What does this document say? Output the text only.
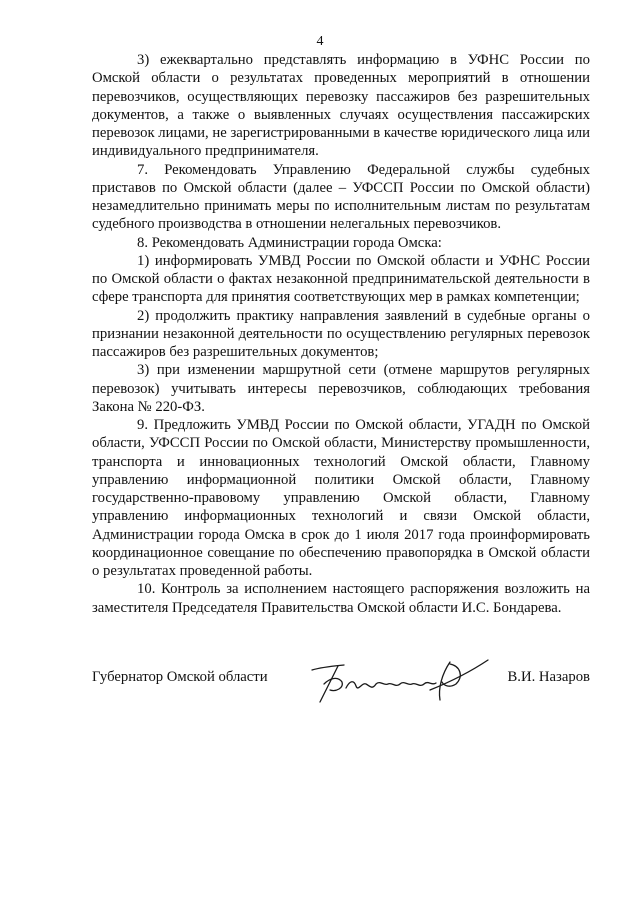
4

3) ежеквартально представлять информацию в УФНС России по Омской области о результатах проведенных мероприятий в отношении перевозчиков, осуществляющих перевозку пассажиров без разрешительных документов, а также о выявленных случаях осуществления пассажирских перевозок лицами, не зарегистрированными в качестве юридического лица или индивидуального предпринимателя.

7. Рекомендовать Управлению Федеральной службы судебных приставов по Омской области (далее – УФССП России по Омской области) незамедлительно принимать меры по исполнительным листам по результатам судебного производства в отношении нелегальных перевозчиков.

8. Рекомендовать Администрации города Омска:

1) информировать УМВД России по Омской области и УФНС России по Омской области о фактах незаконной предпринимательской деятельности в сфере транспорта для принятия соответствующих мер в рамках компетенции;

2) продолжить практику направления заявлений в судебные органы о признании незаконной деятельности по осуществлению регулярных перевозок пассажиров без разрешительных документов;

3) при изменении маршрутной сети (отмене маршрутов регулярных перевозок) учитывать интересы перевозчиков, соблюдающих требования Закона № 220-ФЗ.

9. Предложить УМВД России по Омской области, УГАДН по Омской области, УФССП России по Омской области, Министерству промышленности, транспорта и инновационных технологий Омской области, Главному управлению информационной политики Омской области, Главному государственно-правовому управлению Омской области, Главному управлению информационных технологий и связи Омской области, Администрации города Омска в срок до 1 июля 2017 года проинформировать координационное совещание по обеспечению правопорядка в Омской области о результатах проведенной работы.

10. Контроль за исполнением настоящего распоряжения возложить на заместителя Председателя Правительства Омской области И.С. Бондарева.

Губернатор Омской области	В.И. Назаров
